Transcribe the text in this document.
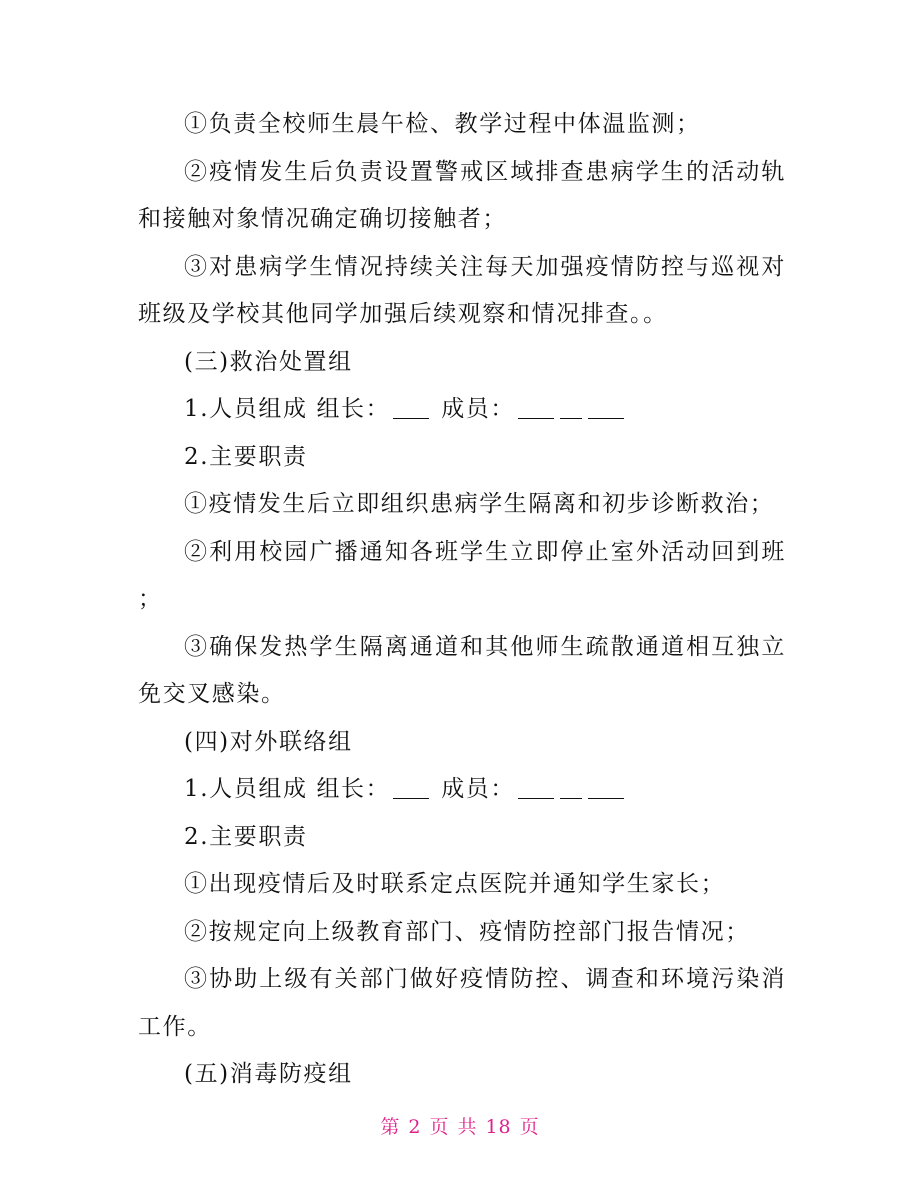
①负责全校师生晨午检、教学过程中体温监测；
②疫情发生后负责设置警戒区域排查患病学生的活动轨
和接触对象情况确定确切接触者；
③对患病学生情况持续关注每天加强疫情防控与巡视对
班级及学校其他同学加强后续观察和情况排查。。
(三)救治处置组
1.人员组成 组长： 成员：
2.主要职责
①疫情发生后立即组织患病学生隔离和初步诊断救治；
②利用校园广播通知各班学生立即停止室外活动回到班
；
③确保发热学生隔离通道和其他师生疏散通道相互独立
免交叉感染。
(四)对外联络组
1.人员组成 组长： 成员：
2.主要职责
①出现疫情后及时联系定点医院并通知学生家长；
②按规定向上级教育部门、疫情防控部门报告情况；
③协助上级有关部门做好疫情防控、调查和环境污染消
工作。
(五)消毒防疫组
第 2 页 共 18 页
